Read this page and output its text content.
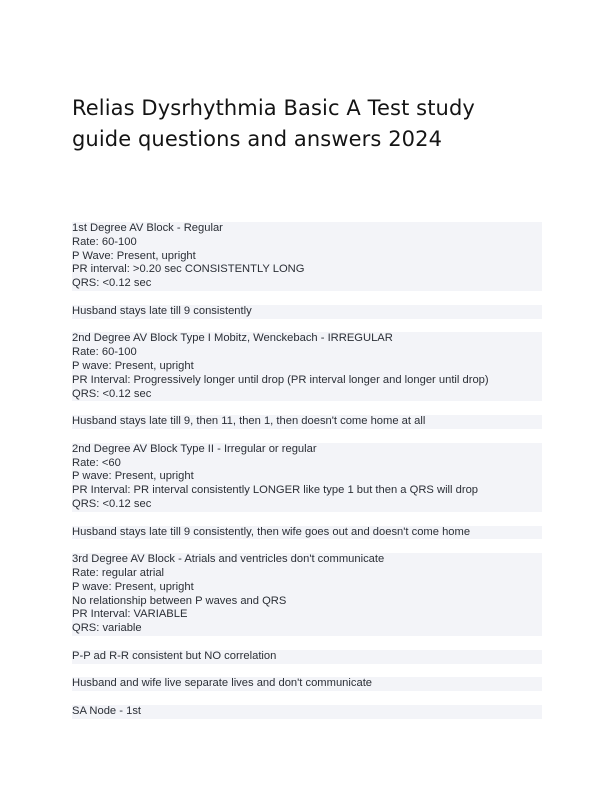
Relias Dysrhythmia Basic A Test study
guide questions and answers 2024
1st Degree AV Block - Regular
Rate: 60-100
P Wave: Present, upright
PR interval: >0.20 sec CONSISTENTLY LONG
QRS: <0.12 sec
Husband stays late till 9 consistently
2nd Degree AV Block Type I Mobitz, Wenckebach - IRREGULAR
Rate: 60-100
P wave: Present, upright
PR Interval: Progressively longer until drop (PR interval longer and longer until drop)
QRS: <0.12 sec
Husband stays late till 9, then 11, then 1, then doesn't come home at all
2nd Degree AV Block Type II - Irregular or regular
Rate: <60
P wave: Present, upright
PR Interval: PR interval consistently LONGER like type 1 but then a QRS will drop
QRS: <0.12 sec
Husband stays late till 9 consistently, then wife goes out and doesn't come home
3rd Degree AV Block - Atrials and ventricles don't communicate
Rate: regular atrial
P wave: Present, upright
No relationship between P waves and QRS
PR Interval: VARIABLE
QRS: variable
P-P ad R-R consistent but NO correlation
Husband and wife live separate lives and don't communicate
SA Node - 1st
